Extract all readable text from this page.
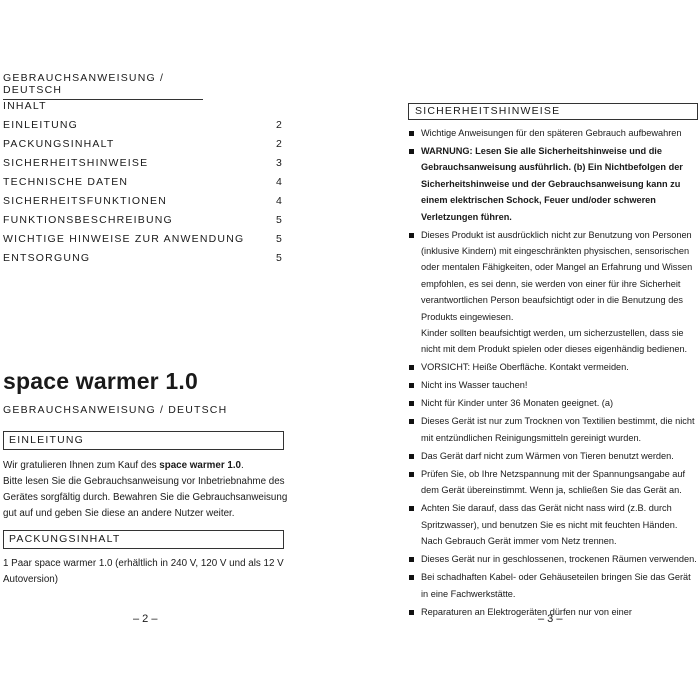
GEBRAUCHSANWEISUNG / DEUTSCH
INHALT
EINLEITUNG	2
PACKUNGSINHALT	2
SICHERHEITSHINWEISE	3
TECHNISCHE DATEN	4
SICHERHEITSFUNKTIONEN	4
FUNKTIONSBESCHREIBUNG	5
WICHTIGE HINWEISE ZUR ANWENDUNG	5
ENTSORGUNG	5
space warmer 1.0
GEBRAUCHSANWEISUNG / DEUTSCH
EINLEITUNG
Wir gratulieren Ihnen zum Kauf des space warmer 1.0.
Bitte lesen Sie die Gebrauchsanweisung vor Inbetriebnahme des Gerätes sorgfältig durch. Bewahren Sie die Gebrauchsanweisung gut auf und geben Sie diese an andere Nutzer weiter.
PACKUNGSINHALT
1 Paar space warmer 1.0 (erhältlich in 240 V, 120 V und als 12 V Autoversion)
– 2 –
SICHERHEITSHINWEISE
Wichtige Anweisungen für den späteren Gebrauch aufbewahren
WARNUNG: Lesen Sie alle Sicherheitshinweise und die Gebrauchsanweisung ausführlich. (b) Ein Nichtbefolgen der Sicherheitshinweise und der Gebrauchsanweisung kann zu einem elektrischen Schock, Feuer und/oder schweren Verletzungen führen.
Dieses Produkt ist ausdrücklich nicht zur Benutzung von Personen (inklusive Kindern) mit eingeschränkten physischen, sensorischen oder mentalen Fähigkeiten, oder Mangel an Erfahrung und Wissen empfohlen, es sei denn, sie werden von einer für ihre Sicherheit verantwortlichen Person beaufsichtigt oder in die Benutzung des Produkts eingewiesen.
Kinder sollten beaufsichtigt werden, um sicherzustellen, dass sie nicht mit dem Produkt spielen oder dieses eigenhändig bedienen.
VORSICHT: Heiße Oberfläche. Kontakt vermeiden.
Nicht ins Wasser tauchen!
Nicht für Kinder unter 36 Monaten geeignet. (a)
Dieses Gerät ist nur zum Trocknen von Textilien bestimmt, die nicht mit entzündlichen Reinigungsmitteln gereinigt wurden.
Das Gerät darf nicht zum Wärmen von Tieren benutzt werden.
Prüfen Sie, ob Ihre Netzspannung mit der Spannungsangabe auf dem Gerät übereinstimmt. Wenn ja, schließen Sie das Gerät an.
Achten Sie darauf, dass das Gerät nicht nass wird (z.B. durch Spritzwasser), und benutzen Sie es nicht mit feuchten Händen. Nach Gebrauch Gerät immer vom Netz trennen.
Dieses Gerät nur in geschlossenen, trockenen Räumen verwenden.
Bei schadhaften Kabel- oder Gehäuseteilen bringen Sie das Gerät in eine Fachwerkstätte.
Reparaturen an Elektrogeräten dürfen nur von einer
– 3 –
